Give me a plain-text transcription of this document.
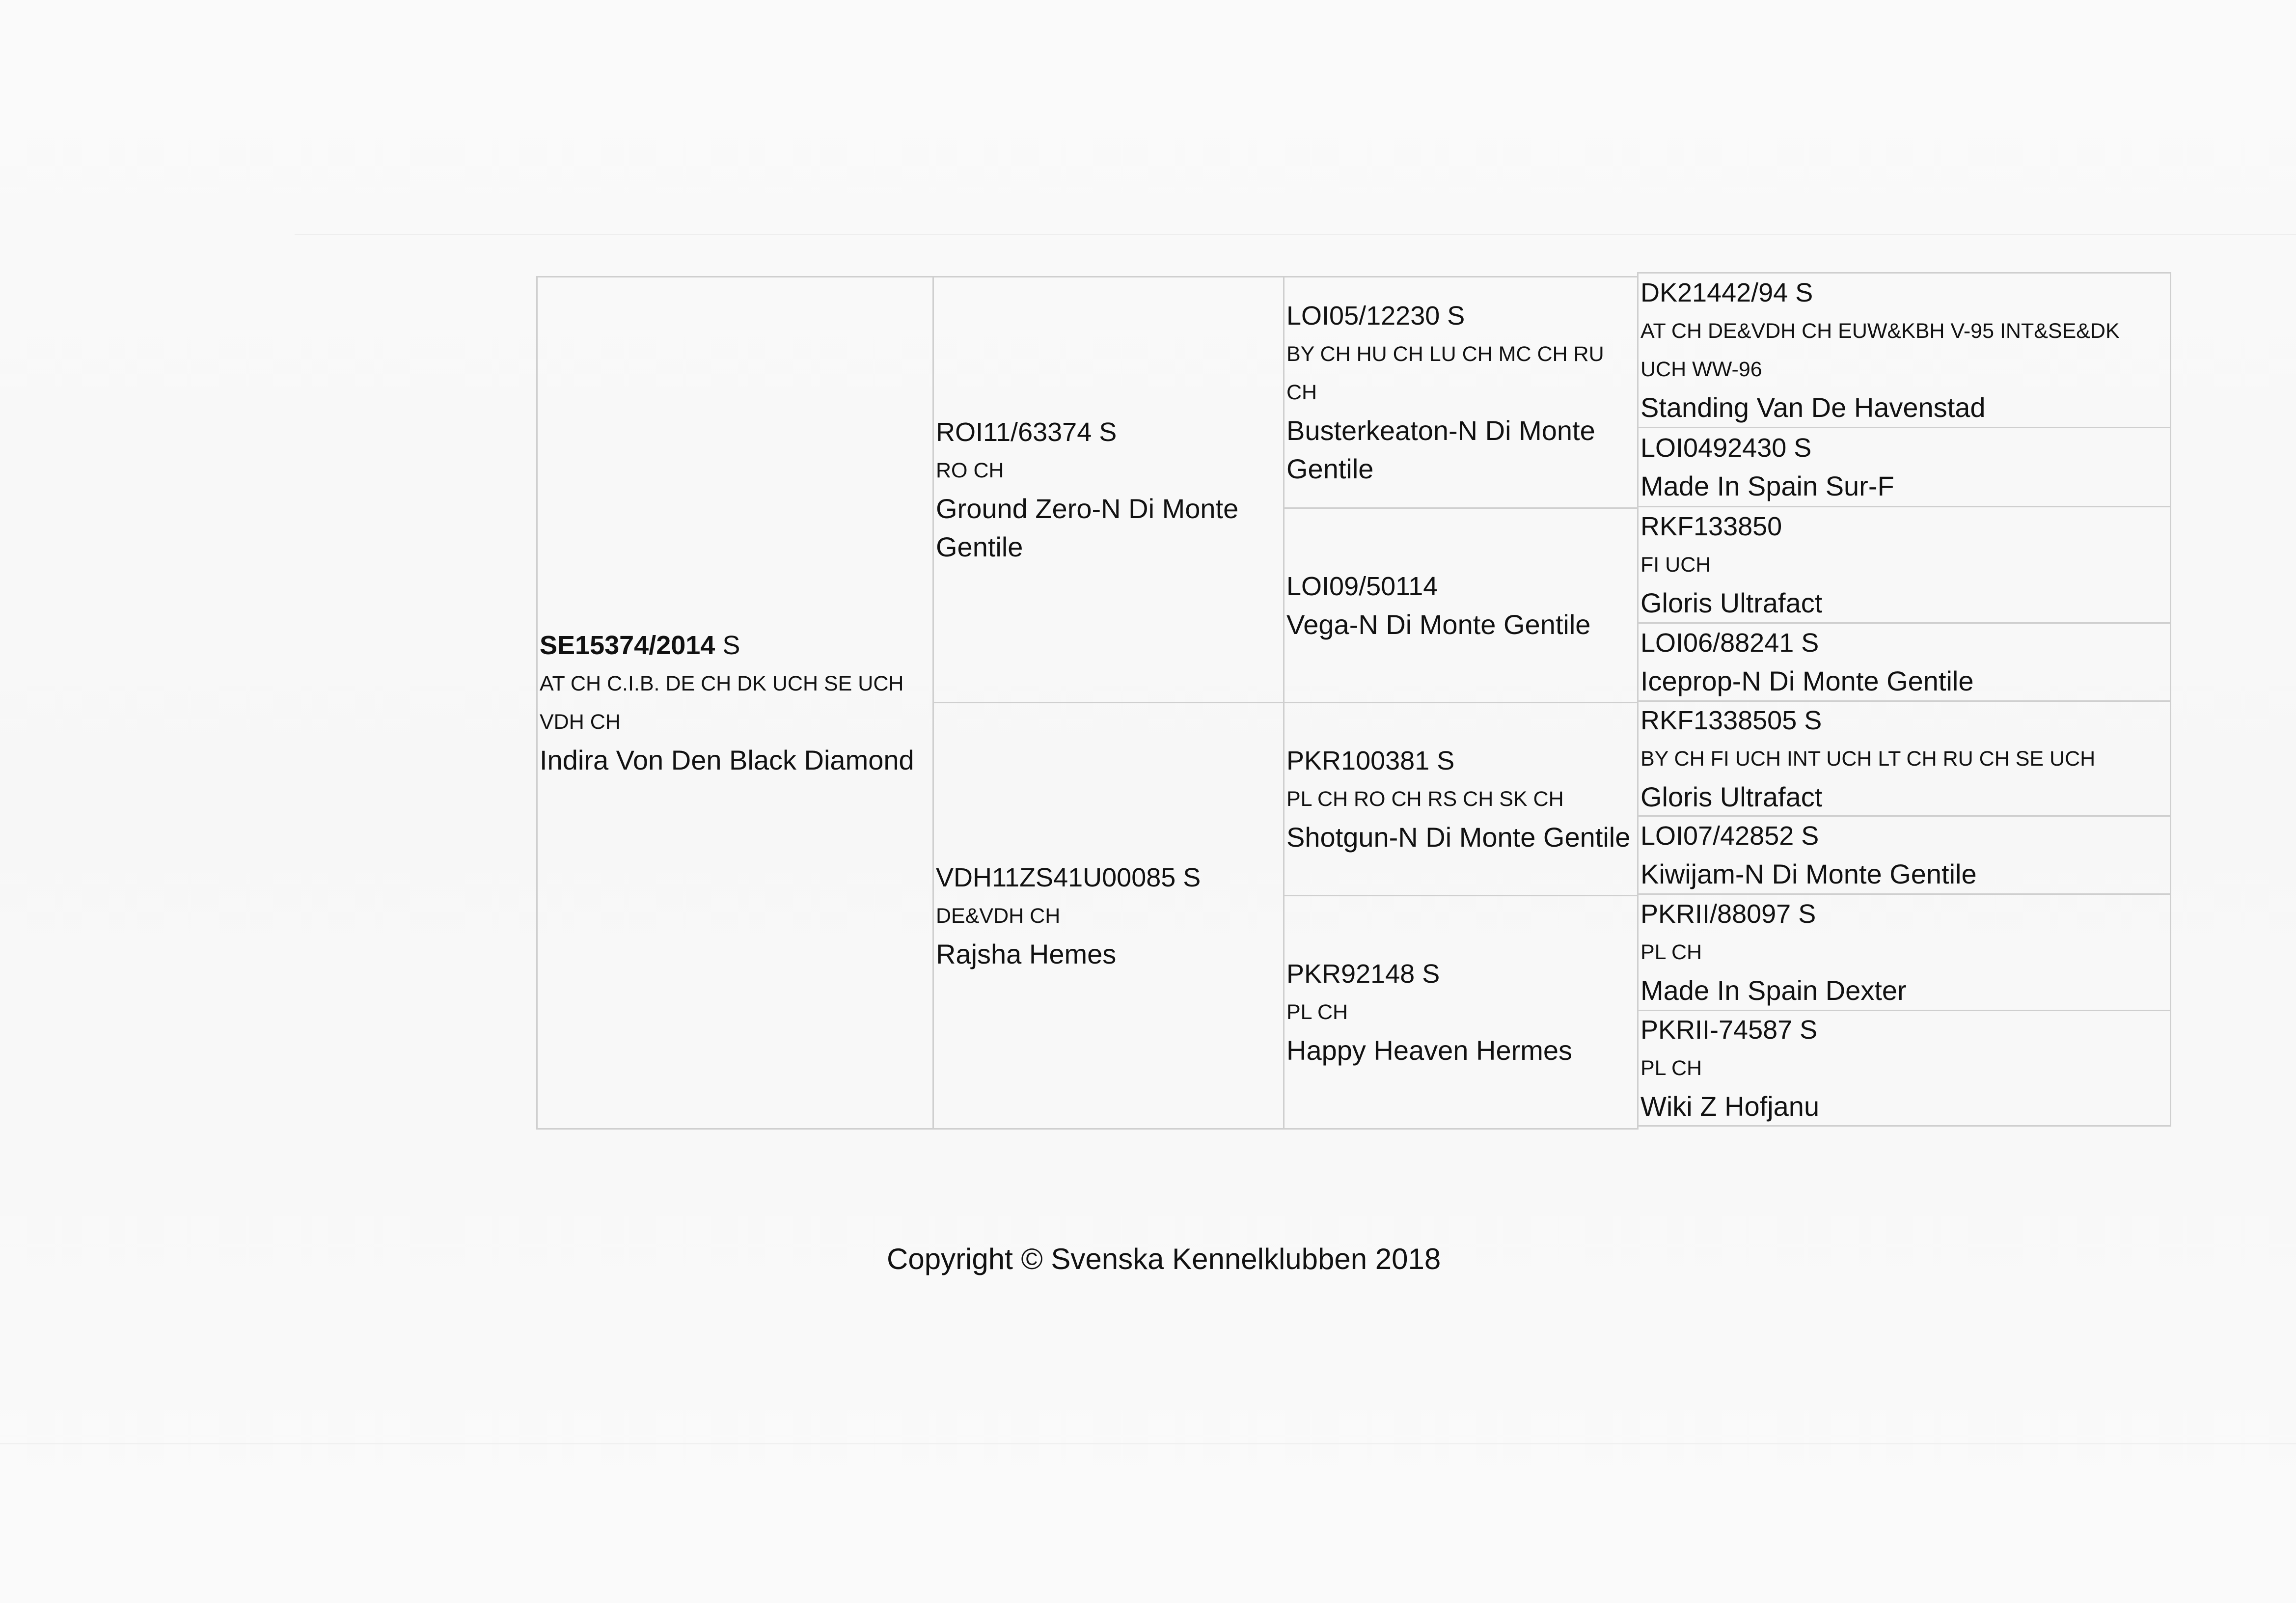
SE15374/2014 S
AT CH C.I.B. DE CH DK UCH SE UCH VDH CH
Indira Von Den Black Diamond
ROI11/63374 S
RO CH
Ground Zero-N Di Monte Gentile
VDH11ZS41U00085 S
DE&VDH CH
Rajsha Hemes
LOI05/12230 S
BY CH HU CH LU CH MC CH RU CH
Busterkeaton-N Di Monte Gentile
LOI09/50114
Vega-N Di Monte Gentile
PKR100381 S
PL CH RO CH RS CH SK CH
Shotgun-N Di Monte Gentile
PKR92148 S
PL CH
Happy Heaven Hermes
DK21442/94 S
AT CH DE&VDH CH EUW&KBH V-95 INT&SE&DK UCH WW-96
Standing Van De Havenstad
LOI0492430 S
Made In Spain Sur-F
RKF133850
FI UCH
Gloris Ultrafact
LOI06/88241 S
Iceprop-N Di Monte Gentile
RKF1338505 S
BY CH FI UCH INT UCH LT CH RU CH SE UCH
Gloris Ultrafact
LOI07/42852 S
Kiwijam-N Di Monte Gentile
PKRII/88097 S
PL CH
Made In Spain Dexter
PKRII-74587 S
PL CH
Wiki Z Hofjanu
Copyright © Svenska Kennelklubben 2018
